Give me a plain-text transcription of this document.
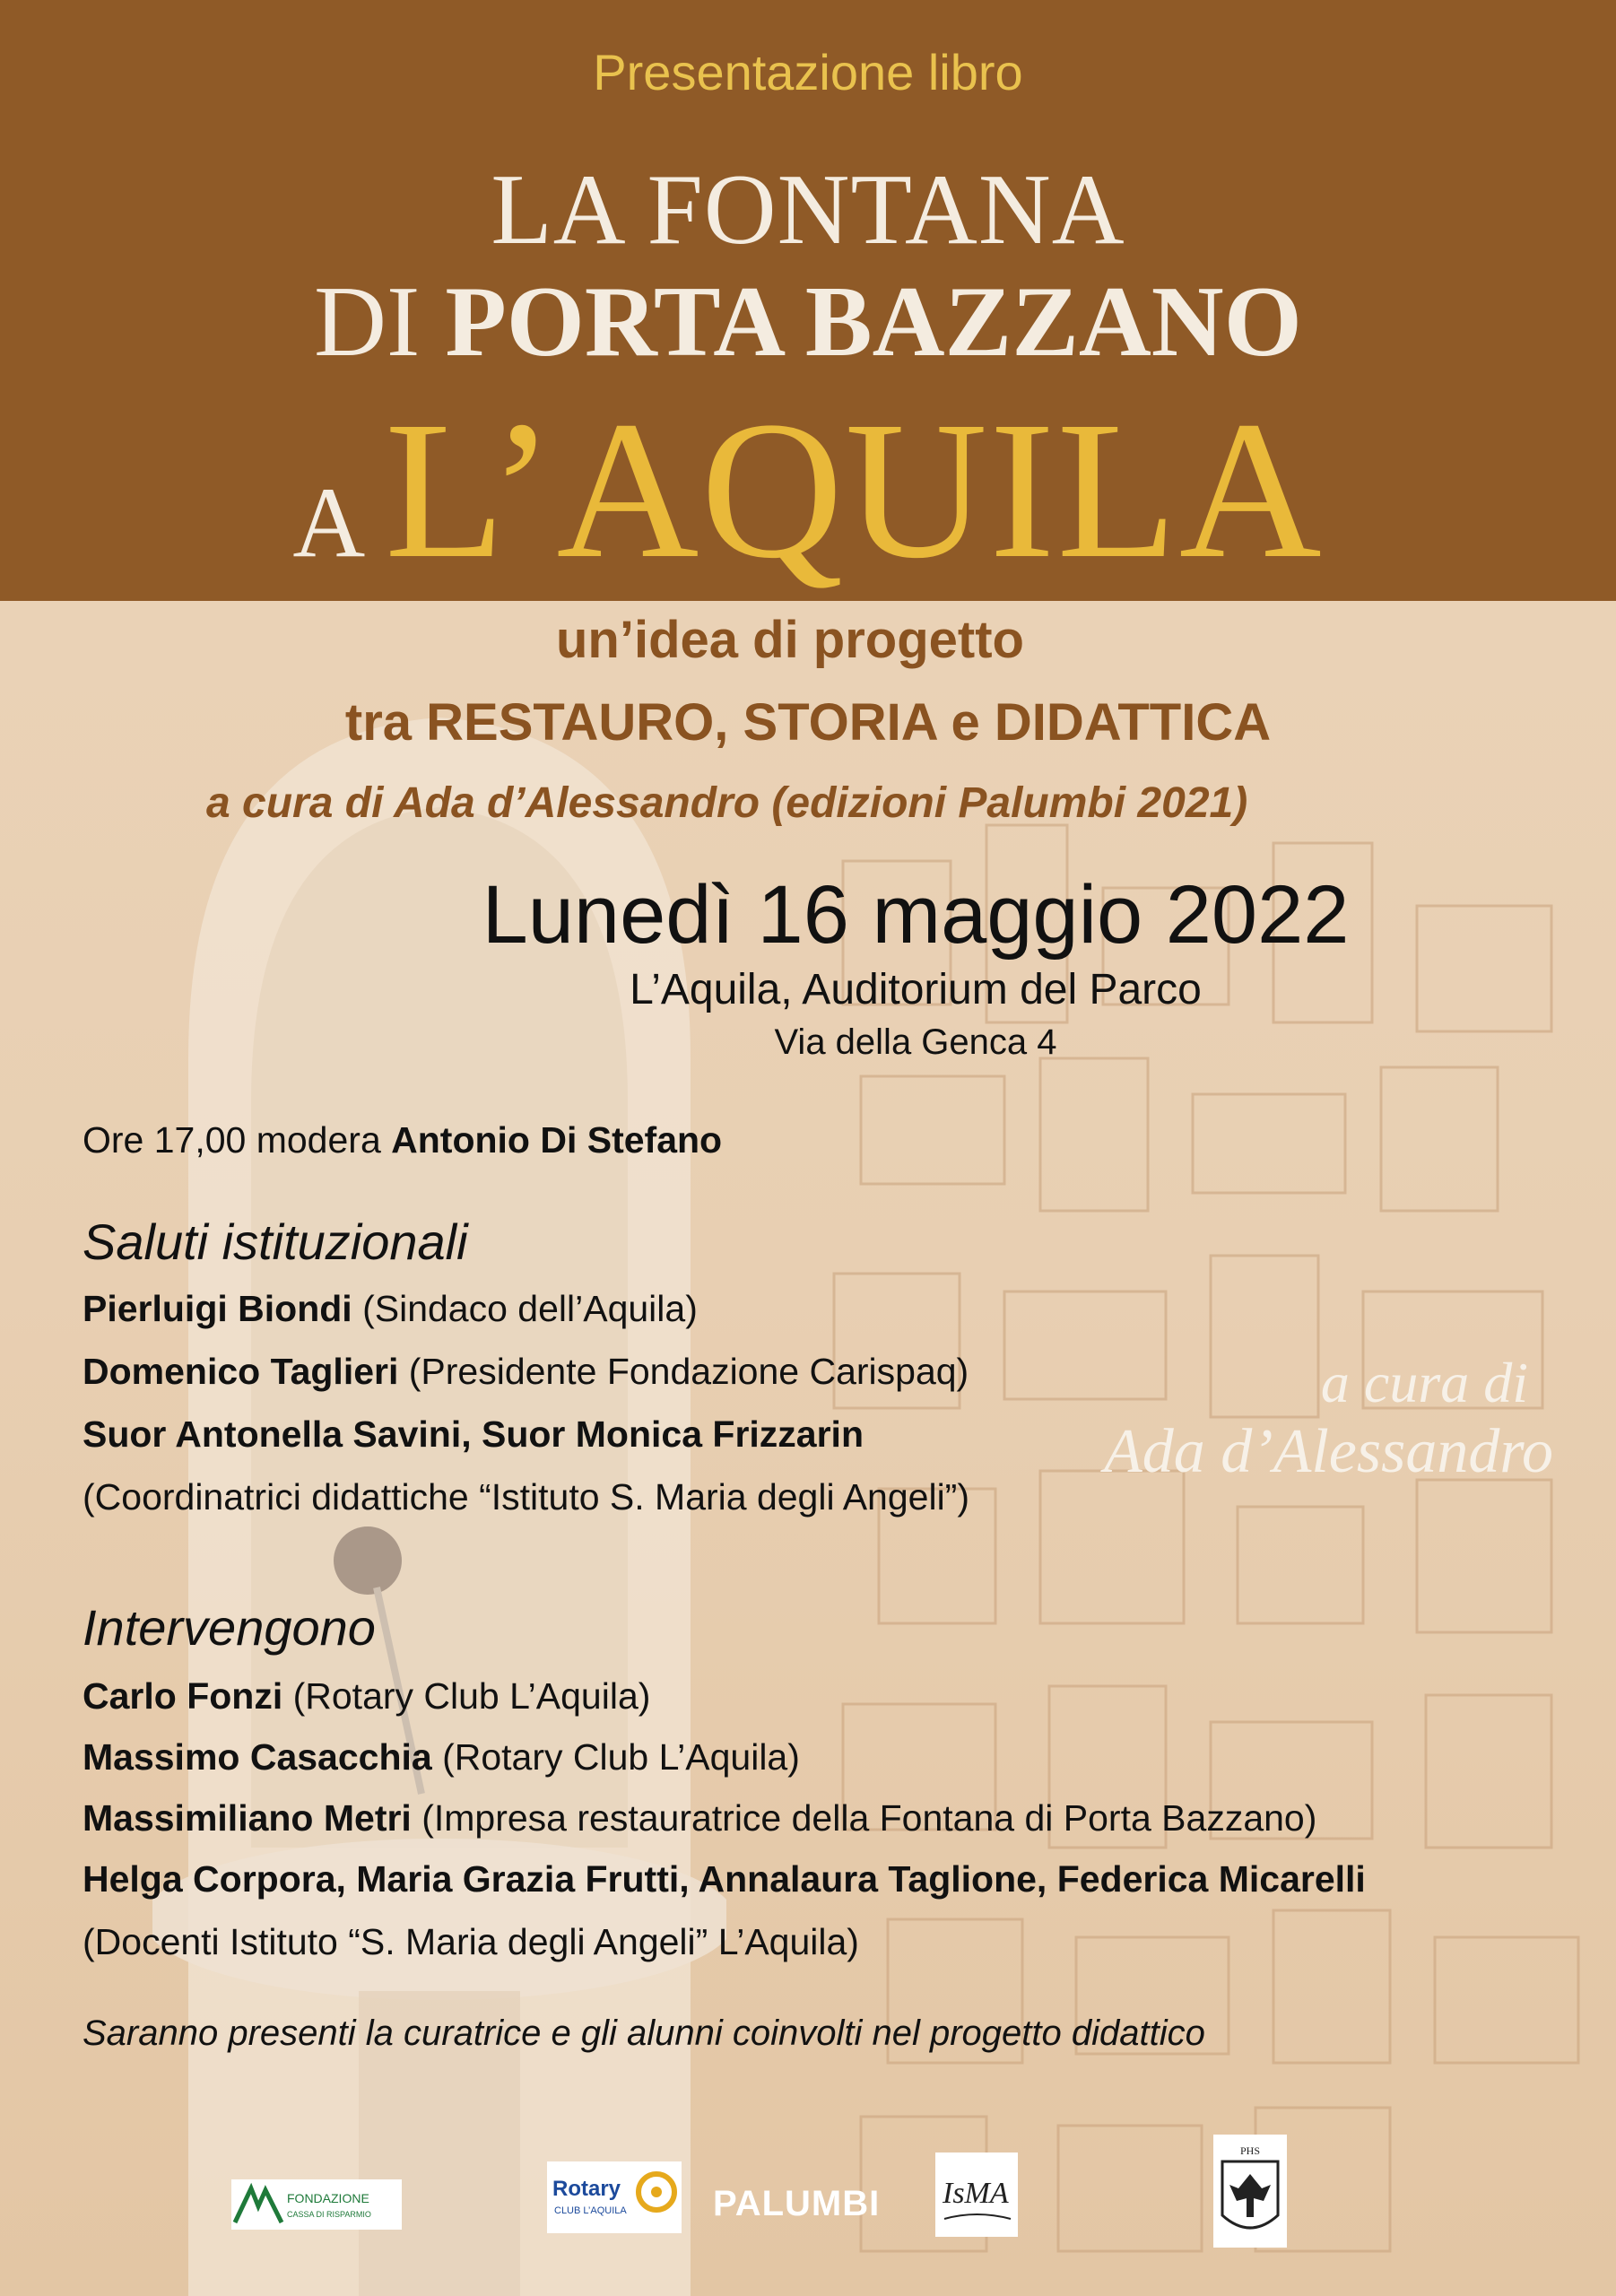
Presentazione libro
LA FONTANA
DI PORTA BAZZANO
A L’AQUILA
un’idea di progetto
tra RESTAURO, STORIA e DIDATTICA
a cura di Ada d’Alessandro (edizioni Palumbi 2021)
Lunedì 16 maggio 2022
L’Aquila, Auditorium del Parco
Via della Genca 4
Ore 17,00 modera Antonio Di Stefano
Saluti istituzionali
Pierluigi Biondi (Sindaco dell’Aquila)
Domenico Taglieri (Presidente Fondazione Carispaq)
Suor Antonella Savini, Suor Monica Frizzarin
(Coordinatrici didattiche “Istituto S. Maria degli Angeli”)
Intervengono
Carlo Fonzi (Rotary Club L’Aquila)
Massimo Casacchia (Rotary Club L’Aquila)
Massimiliano Metri (Impresa restauratrice della Fontana di Porta Bazzano)
Helga Corpora, Maria Grazia Frutti, Annalaura Taglione, Federica Micarelli
(Docenti Istituto “S. Maria degli Angeli” L’Aquila)
a cura di
Ada d’Alessandro
Saranno presenti la curatrice e gli alunni coinvolti nel progetto didattico
FONDAZIONE
CASSA DI RISPARMIO
Rotary
CLUB L’AQUILA PALUMBI IsMA
PHS
